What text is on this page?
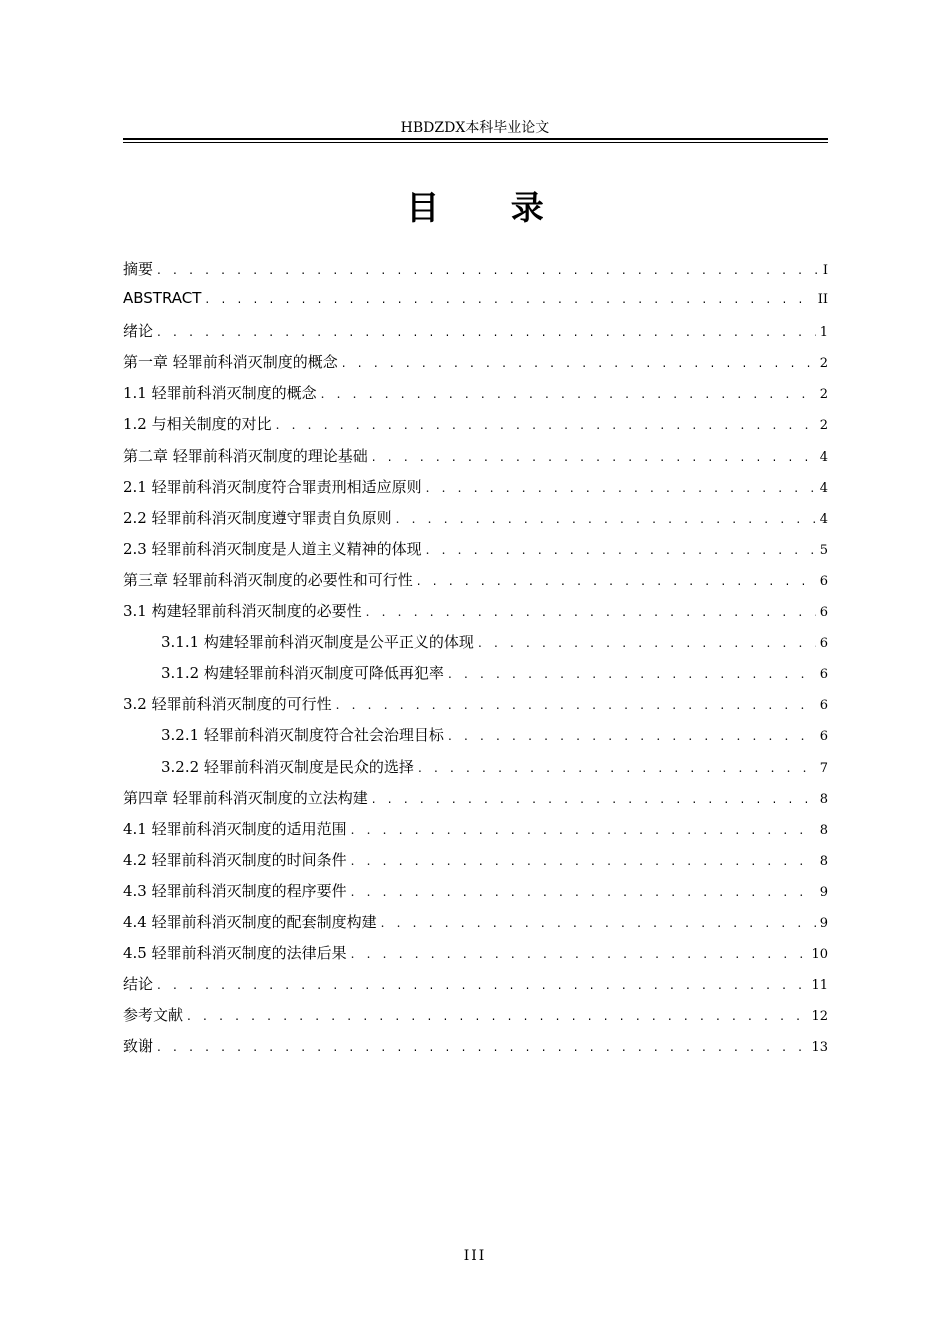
HBDZDX本科毕业论文
目 录
摘要 . . .	I
ABSTRACT . . .	II
绪论 . . .	1
第一章 轻罪前科消灭制度的概念 . . .	2
1.1 轻罪前科消灭制度的概念 . . .	2
1.2 与相关制度的对比 . . .	2
第二章 轻罪前科消灭制度的理论基础 . . .	4
2.1 轻罪前科消灭制度符合罪责刑相适应原则 . . .	4
2.2 轻罪前科消灭制度遵守罪责自负原则 . . .	4
2.3 轻罪前科消灭制度是人道主义精神的体现 . . .	5
第三章 轻罪前科消灭制度的必要性和可行性 . . .	6
3.1 构建轻罪前科消灭制度的必要性 . . .	6
3.1.1 构建轻罪前科消灭制度是公平正义的体现 . . .	6
3.1.2 构建轻罪前科消灭制度可降低再犯率 . . .	6
3.2 轻罪前科消灭制度的可行性 . . .	6
3.2.1 轻罪前科消灭制度符合社会治理目标 . . .	6
3.2.2 轻罪前科消灭制度是民众的选择 . . .	7
第四章 轻罪前科消灭制度的立法构建 . . .	8
4.1 轻罪前科消灭制度的适用范围 . . .	8
4.2 轻罪前科消灭制度的时间条件 . . .	8
4.3 轻罪前科消灭制度的程序要件 . . .	9
4.4 轻罪前科消灭制度的配套制度构建 . . .	9
4.5 轻罪前科消灭制度的法律后果 . . .	10
结论 . . .	11
参考文献 . . .	12
致谢 . . .	13
III
